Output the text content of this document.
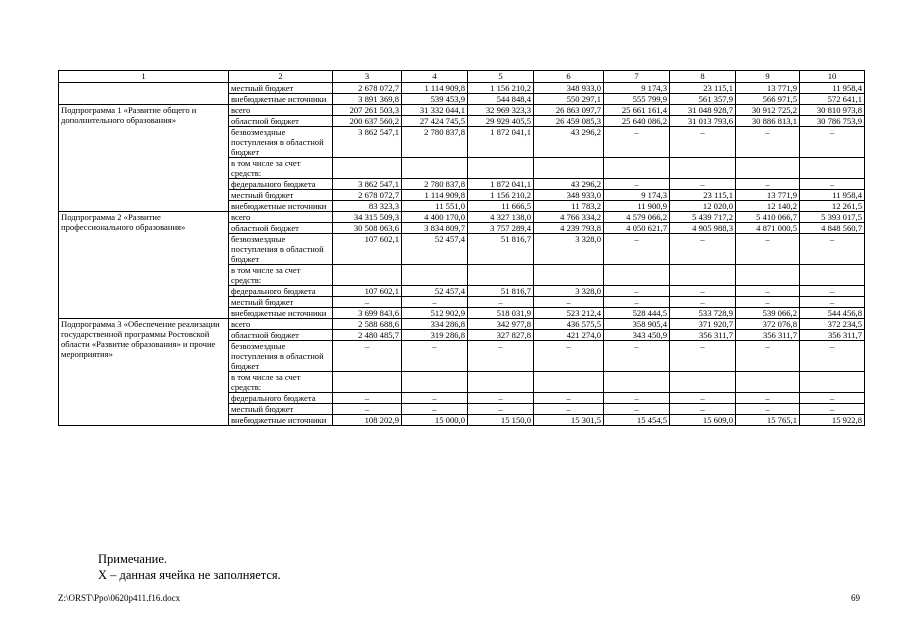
1	2	3	4	5	6	7	8	9	10
	местный бюджет	2 678 072,7	1 114 909,8	1 156 210,2	348 933,0	9 174,3	23 115,1	13 771,9	11 958,4
	внебюджетные источники	3 891 369,8	539 453,9	544 848,4	550 297,1	555 799,9	561 357,9	566 971,5	572 641,1
Подпрограмма 1 «Развитие общего и дополнительного образования»	всего	207 261 503,3	31 332 044,1	32 969 323,3	26 863 097,7	25 661 161,4	31 048 928,7	30 912 725,2	30 810 973,8
	областной бюджет	200 637 560,2	27 424 745,5	29 929 405,5	26 459 085,3	25 640 086,2	31 013 793,6	30 886 813,1	30 786 753,9
	безвозмездные поступления в областной бюджет	3 862 547,1	2 780 837,8	1 872 041,1	43 296,2	–	–	–	–
	в том числе за счет средств:								
	федерального бюджета	3 862 547,1	2 780 837,8	1 872 041,1	43 296,2	–	–	–	–
	местный бюджет	2 678 072,7	1 114 909,8	1 156 210,2	348 933,0	9 174,3	23 115,1	13 771,9	11 958,4
	внебюджетные источники	83 323,3	11 551,0	11 666,5	11 783,2	11 900,9	12 020,0	12 140,2	12 261,5
Подпрограмма 2 «Развитие профессионального образования»	всего	34 315 509,3	4 400 170,0	4 327 138,0	4 766 334,2	4 579 066,2	5 439 717,2	5 410 066,7	5 393 017,5
	областной бюджет	30 508 063,6	3 834 809,7	3 757 289,4	4 239 793,8	4 050 621,7	4 905 988,3	4 871 000,5	4 848 560,7
	безвозмездные поступления в областной бюджет	107 602,1	52 457,4	51 816,7	3 328,0	–	–	–	–
	в том числе за счет средств:								
	федерального бюджета	107 602,1	52 457,4	51 816,7	3 328,0	–	–	–	–
	местный бюджет	–	–	–	–	–	–	–	–
	внебюджетные источники	3 699 843,6	512 902,9	518 031,9	523 212,4	528 444,5	533 728,9	539 066,2	544 456,8
Подпрограмма 3 «Обеспечение реализации государственной программы Ростовской области «Развитие образования» и прочие мероприятия»	всего	2 588 688,6	334 286,8	342 977,8	436 575,5	358 905,4	371 920,7	372 076,8	372 234,5
	областной бюджет	2 480 485,7	319 286,8	327 827,8	421 274,0	343 450,9	356 311,7	356 311,7	356 311,7
	безвозмездные поступления в областной бюджет	–	–	–	–	–	–	–	–
	в том числе за счет средств:								
	федерального бюджета	–	–	–	–	–	–	–	–
	местный бюджет	–	–	–	–	–	–	–	–
	внебюджетные источники	108 202,9	15 000,0	15 150,0	15 301,5	15 454,5	15 609,0	15 765,1	15 922,8
Примечание.
Х – данная ячейка не заполняется.
Z:\ORST\Ppo\0620p411.f16.docx	69
